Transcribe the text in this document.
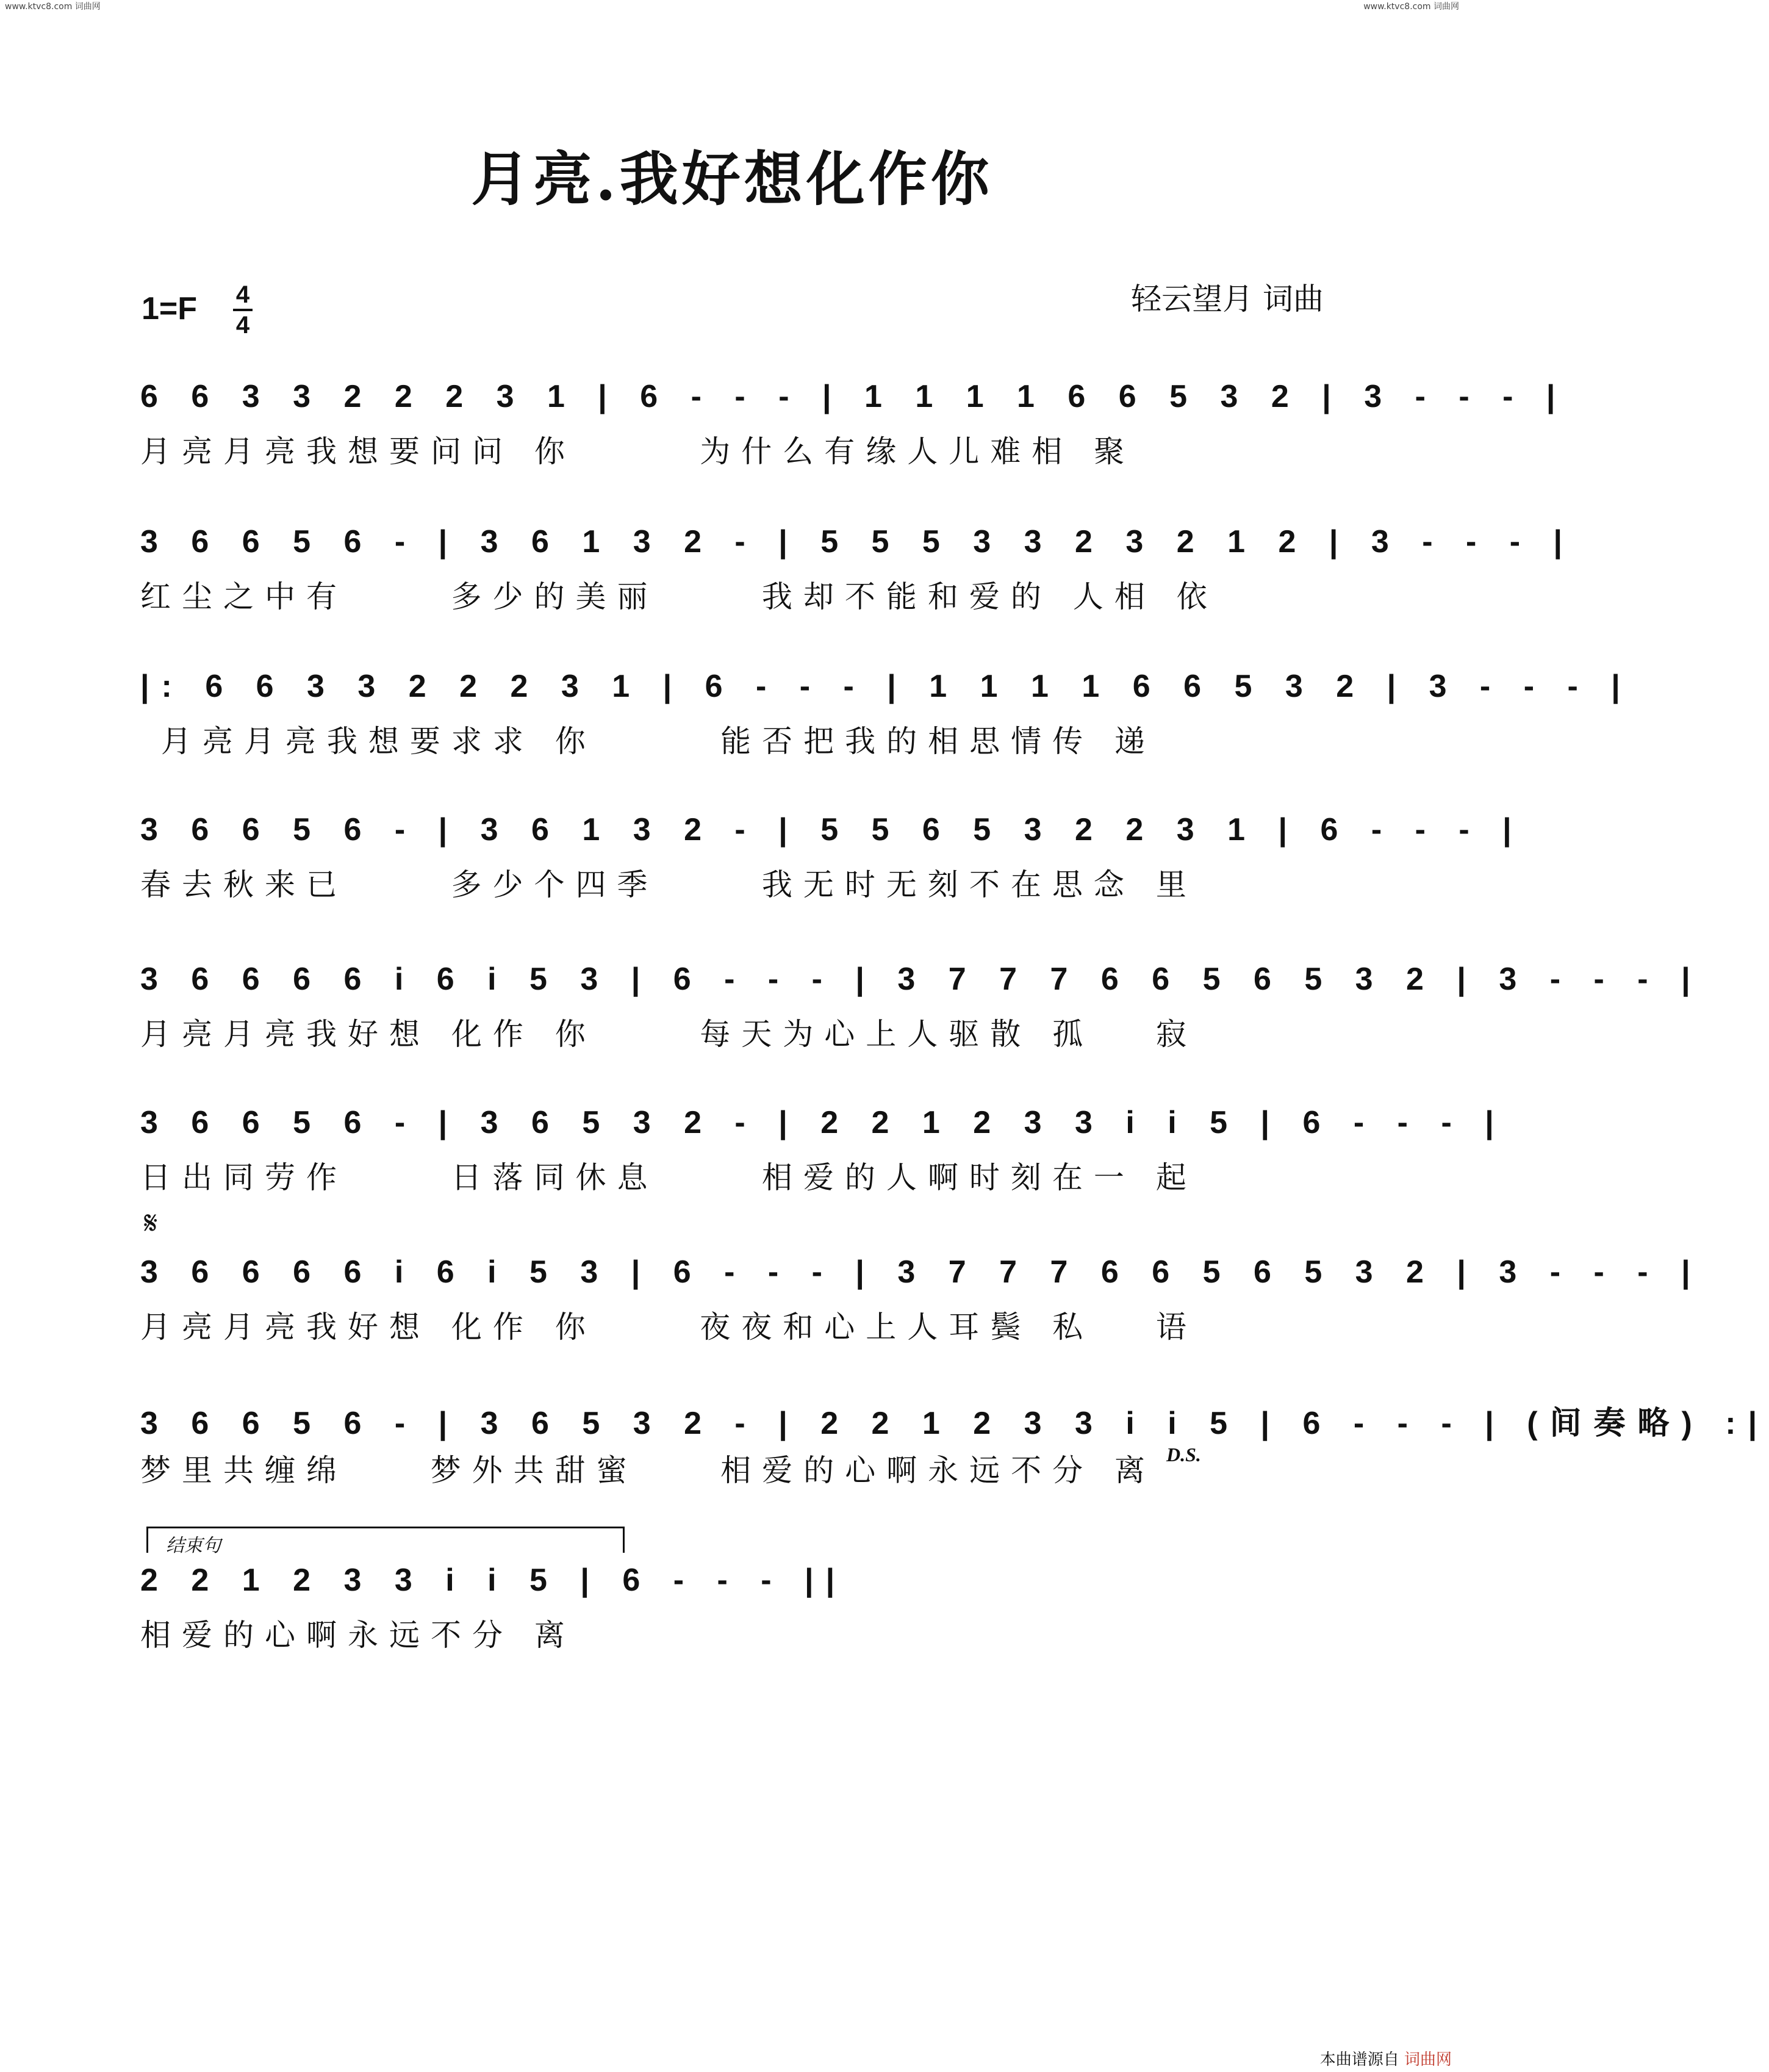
www.ktvc8.com 词曲网	www.ktvc8.com 词曲网
月亮.我好想化作你
1=F 4
4
轻云望月 词曲
6 6 3 3 2 2 2 3 1 | 6 - - - | 1 1 1 1 6 6 5 3 2 | 3 - - - |
月亮月亮我想要问问 你      为什么有缘人儿难相 聚
3 6 6 5 6 - | 3 6 1 3 2 - | 5 5 5 3 3 2 3 2 1 2 | 3 - - - |
红尘之中有     多少的美丽     我却不能和爱的 人相 依
|: 6 6 3 3 2 2 2 3 1 | 6 - - - | 1 1 1 1 6 6 5 3 2 | 3 - - - |
月亮月亮我想要求求 你      能否把我的相思情传 递
3 6 6 5 6 - | 3 6 1 3 2 - | 5 5 6 5 3 2 2 3 1 | 6 - - - |
春去秋来已     多少个四季     我无时无刻不在思念 里
3 6 6 6 6 i 6 i 5 3 | 6 - - - | 3 7 7 7 6 6 5 6 5 3 2 | 3 - - - |
月亮月亮我好想 化作 你     每天为心上人驱散 孤   寂
3 6 6 5 6 - | 3 6 5 3 2 - | 2 2 1 2 3 3 i i 5 | 6 - - - |
日出同劳作     日落同休息     相爱的人啊时刻在一 起
𝄋
3 6 6 6 6 i 6 i 5 3 | 6 - - - | 3 7 7 7 6 6 5 6 5 3 2 | 3 - - - |
月亮月亮我好想 化作 你     夜夜和心上人耳鬓 私   语
3 6 6 5 6 - | 3 6 5 3 2 - | 2 2 1 2 3 3 i i 5 | 6 - - - | (间奏略) :|
梦里共缠绵    梦外共甜蜜    相爱的心啊永远不分 离 D.S.
结束句
2 2 1 2 3 3 i i 5 | 6 - - - ||
相爱的心啊永远不分 离
本曲谱源自 词曲网
